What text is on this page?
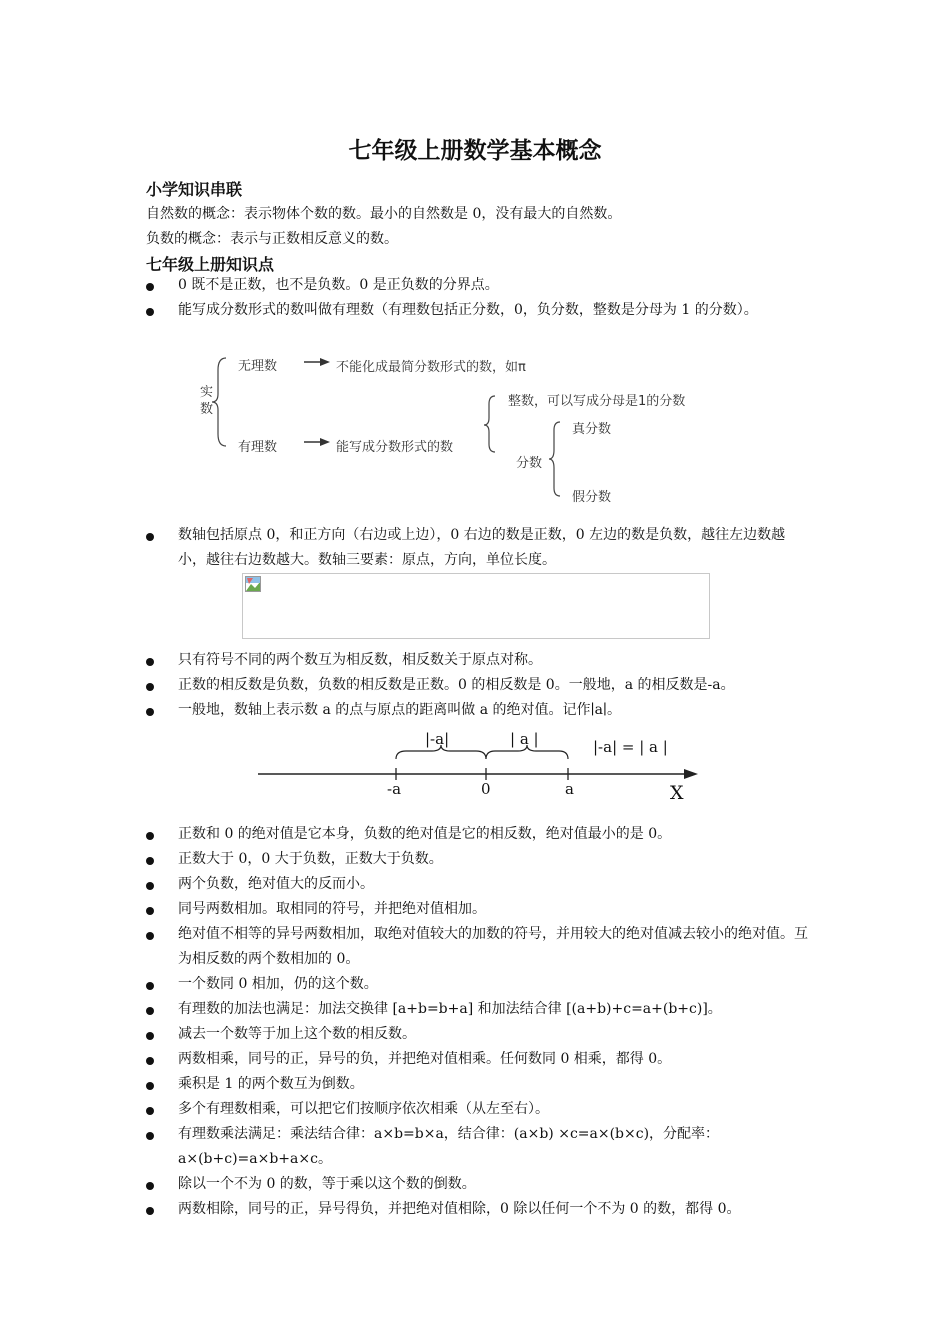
七年级上册数学基本概念
小学知识串联
自然数的概念：表示物体个数的数。最小的自然数是 0，没有最大的自然数。
负数的概念：表示与正数相反意义的数。
七年级上册知识点
0 既不是正数，也不是负数。0 是正负数的分界点。
能写成分数形式的数叫做有理数（有理数包括正分数，0，负分数，整数是分母为 1 的分数）。
实数
无理数	不能化成最简分数形式的数，如π
有理数	能写成分数形式的数
整数，可以写成分母是1的分数
分数
真分数
假分数
数轴包括原点 0，和正方向（右边或上边），0 右边的数是正数，0 左边的数是负数，越往左边数越小，越往右边数越大。数轴三要素：原点，方向，单位长度。
只有符号不同的两个数互为相反数，相反数关于原点对称。
正数的相反数是负数，负数的相反数是正数。0 的相反数是 0。一般地，a 的相反数是-a。
一般地，数轴上表示数 a 的点与原点的距离叫做 a 的绝对值。记作∣a∣。
|-a|	| a |	|-a| = | a |
-a	0	a	X
正数和 0 的绝对值是它本身，负数的绝对值是它的相反数，绝对值最小的是 0。
正数大于 0，0 大于负数，正数大于负数。
两个负数，绝对值大的反而小。
同号两数相加。取相同的符号，并把绝对值相加。
绝对值不相等的异号两数相加，取绝对值较大的加数的符号，并用较大的绝对值减去较小的绝对值。互为相反数的两个数相加的 0。
一个数同 0 相加，仍的这个数。
有理数的加法也满足：加法交换律 [a+b=b+a] 和加法结合律 [(a+b)+c=a+(b+c)]。
减去一个数等于加上这个数的相反数。
两数相乘，同号的正，异号的负，并把绝对值相乘。任何数同 0 相乘，都得 0。
乘积是 1 的两个数互为倒数。
多个有理数相乘，可以把它们按顺序依次相乘（从左至右）。
有理数乘法满足：乘法结合律：a×b=b×a，结合律：(a×b) ×c=a×(b×c)，分配率：a×(b+c)=a×b+a×c。
除以一个不为 0 的数，等于乘以这个数的倒数。
两数相除，同号的正，异号得负，并把绝对值相除，0 除以任何一个不为 0 的数，都得 0。
